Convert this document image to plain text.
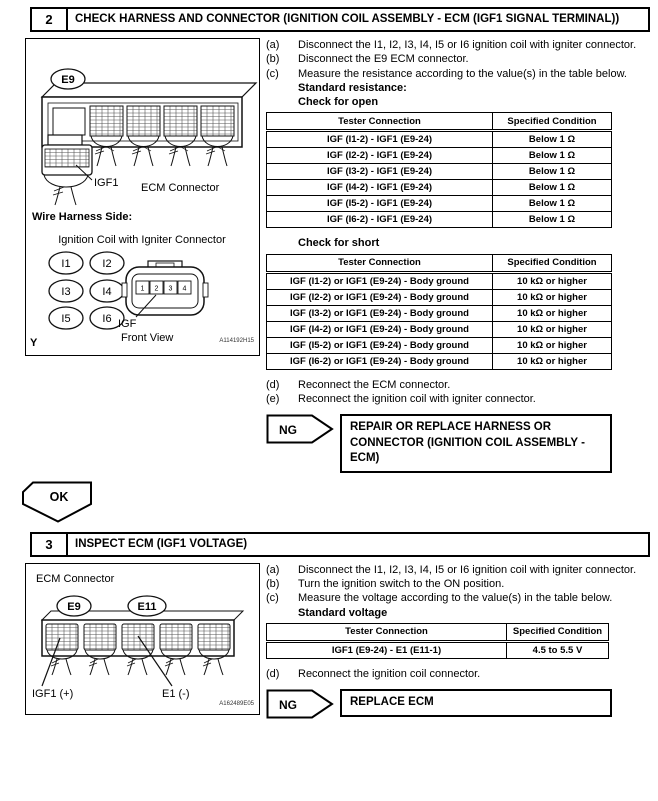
2	CHECK HARNESS AND CONNECTOR (IGNITION COIL ASSEMBLY - ECM (IGF1 SIGNAL TERMINAL))
E9
ECM Connector
IGF1
Wire Harness Side:
Ignition Coil with Igniter Connector
I1	I2
I3	I4
I5	I6
1 2 3 4
IGF
Front View
Y	A114192H15
(a)	Disconnect the I1, I2, I3, I4, I5 or I6 ignition coil with igniter connector.
(b)	Disconnect the E9 ECM connector.
(c)	Measure the resistance according to the value(s) in the table below.
Standard resistance:
Check for open
Tester Connection	Specified Condition
IGF (I1-2) - IGF1 (E9-24)	Below 1 Ω
IGF (I2-2) - IGF1 (E9-24)	Below 1 Ω
IGF (I3-2) - IGF1 (E9-24)	Below 1 Ω
IGF (I4-2) - IGF1 (E9-24)	Below 1 Ω
IGF (I5-2) - IGF1 (E9-24)	Below 1 Ω
IGF (I6-2) - IGF1 (E9-24)	Below 1 Ω
Check for short
Tester Connection	Specified Condition
IGF (I1-2) or IGF1 (E9-24) - Body ground	10 kΩ or higher
IGF (I2-2) or IGF1 (E9-24) - Body ground	10 kΩ or higher
IGF (I3-2) or IGF1 (E9-24) - Body ground	10 kΩ or higher
IGF (I4-2) or IGF1 (E9-24) - Body ground	10 kΩ or higher
IGF (I5-2) or IGF1 (E9-24) - Body ground	10 kΩ or higher
IGF (I6-2) or IGF1 (E9-24) - Body ground	10 kΩ or higher
(d)	Reconnect the ECM connector.
(e)	Reconnect the ignition coil with igniter connector.
NG	REPAIR OR REPLACE HARNESS OR CONNECTOR (IGNITION COIL ASSEMBLY - ECM)
OK
3	INSPECT ECM (IGF1 VOLTAGE)
ECM Connector
E9	E11
IGF1 (+)	E1 (-)
A162489E05
(a)	Disconnect the I1, I2, I3, I4, I5 or I6 ignition coil with igniter connector.
(b)	Turn the ignition switch to the ON position.
(c)	Measure the voltage according to the value(s) in the table below.
Standard voltage
Tester Connection	Specified Condition
IGF1 (E9-24) - E1 (E11-1)	4.5 to 5.5 V
(d)	Reconnect the ignition coil connector.
NG	REPLACE ECM
